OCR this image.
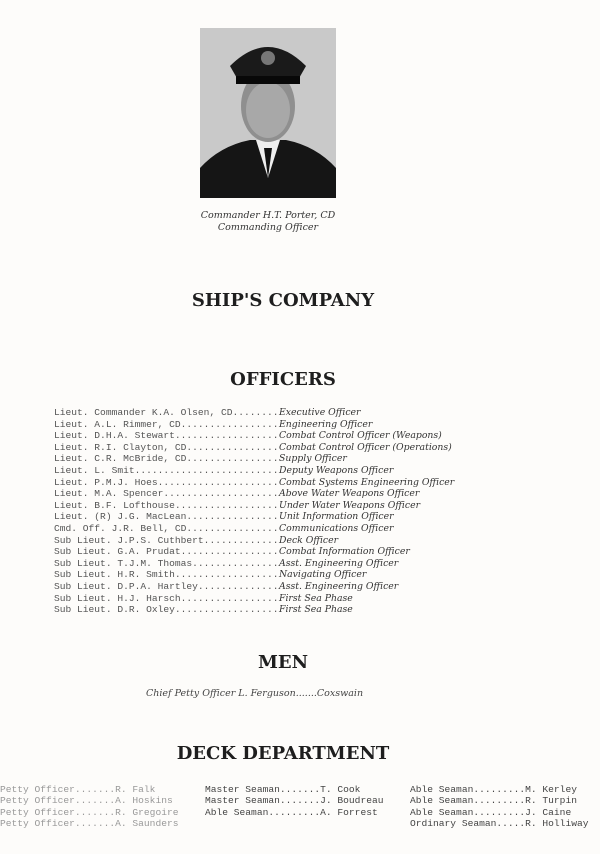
Commander H.T. Porter, CD
Commanding Officer
SHIP'S COMPANY
OFFICERS
Lieut. Commander K.A. Olsen, CD........ Executive Officer
Lieut. A.L. Rimmer, CD................. Engineering Officer
Lieut. D.H.A. Stewart.................. Combat Control Officer (Weapons)
Lieut. R.I. Clayton, CD................ Combat Control Officer (Operations)
Lieut. C.R. McBride, CD................ Supply Officer
Lieut. L. Smit......................... Deputy Weapons Officer
Lieut. P.M.J. Hoes..................... Combat Systems Engineering Officer
Lieut. M.A. Spencer.................... Above Water Weapons Officer
Lieut. B.F. Lofthouse.................. Under Water Weapons Officer
Lieut. (R) J.G. MacLean................ Unit Information Officer
Cmd. Off. J.R. Bell, CD................ Communications Officer
Sub Lieut. J.P.S. Cuthbert............. Deck Officer
Sub Lieut. G.A. Prudat................. Combat Information Officer
Sub Lieut. T.J.M. Thomas............... Asst. Engineering Officer
Sub Lieut. H.R. Smith.................. Navigating Officer
Sub Lieut. D.P.A. Hartley.............. Asst. Engineering Officer
Sub Lieut. H.J. Harsch................. First Sea Phase
Sub Lieut. D.R. Oxley.................. First Sea Phase
MEN
Chief Petty Officer L. Ferguson.......Coxswain
DECK DEPARTMENT
Petty Officer.......R. Falk
Petty Officer.......A. Hoskins
Petty Officer.......R. Gregoire
Petty Officer.......A. Saunders
Master Seaman.......T. Cook
Master Seaman.......J. Boudreau
Able Seaman.........A. Forrest
Able Seaman.........M. Kerley
Able Seaman.........R. Turpin
Able Seaman.........J. Caine
Ordinary Seaman.....R. Holliway
